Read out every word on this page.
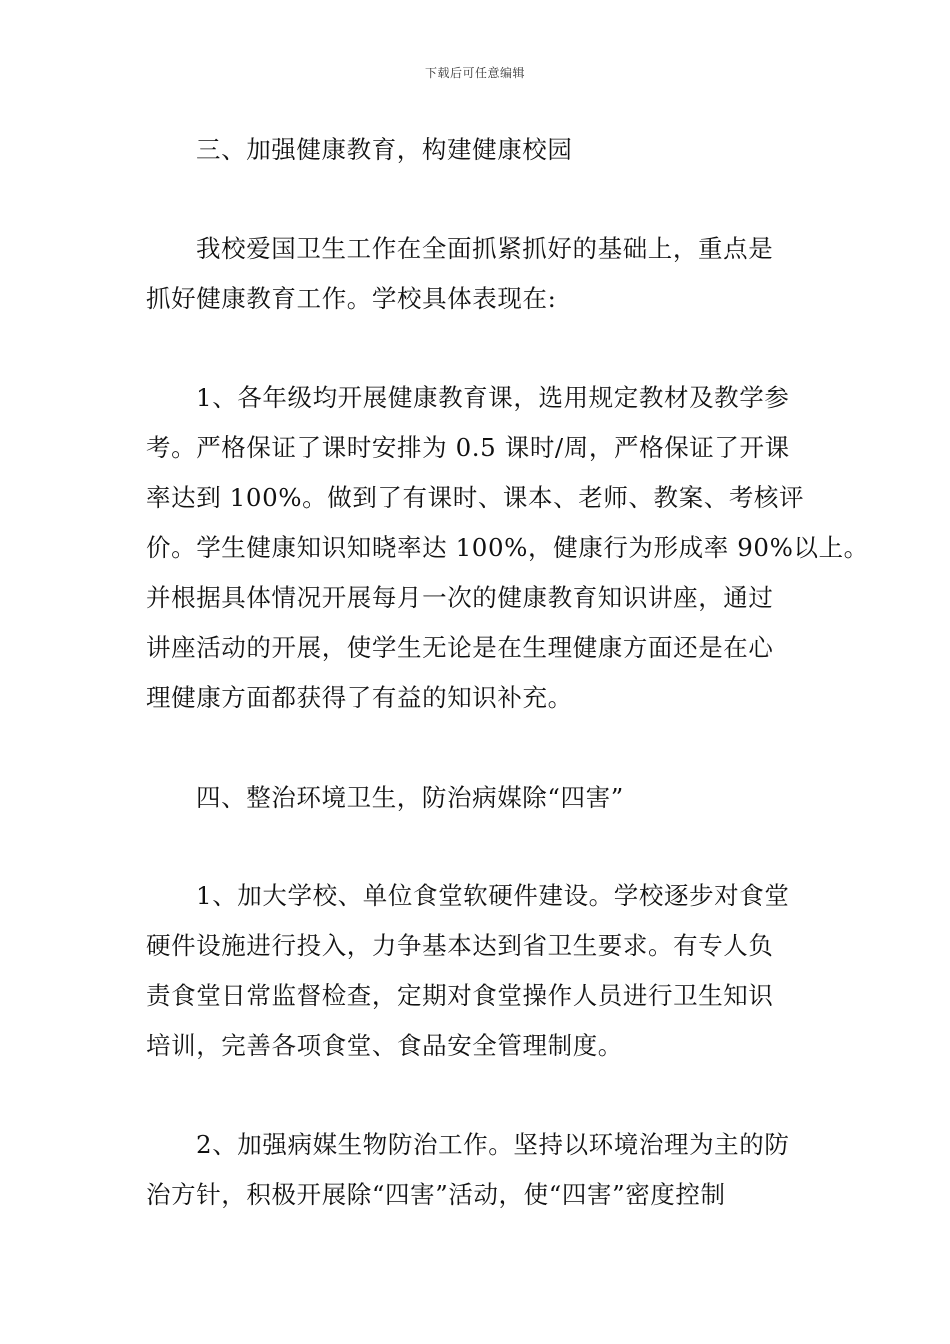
下载后可任意编辑
三、加强健康教育，构建健康校园
我校爱国卫生工作在全面抓紧抓好的基础上，重点是
抓好健康教育工作。学校具体表现在:
1、各年级均开展健康教育课，选用规定教材及教学参
考。严格保证了课时安排为 0.5 课时/周，严格保证了开课
率达到 100%。做到了有课时、课本、老师、教案、考核评
价。学生健康知识知晓率达 100%，健康行为形成率 90%以上。
并根据具体情况开展每月一次的健康教育知识讲座，通过
讲座活动的开展，使学生无论是在生理健康方面还是在心
理健康方面都获得了有益的知识补充。
四、整治环境卫生，防治病媒除“四害”
1、加大学校、单位食堂软硬件建设。学校逐步对食堂
硬件设施进行投入，力争基本达到省卫生要求。有专人负
责食堂日常监督检查，定期对食堂操作人员进行卫生知识
培训，完善各项食堂、食品安全管理制度。
2、加强病媒生物防治工作。坚持以环境治理为主的防
治方针，积极开展除“四害”活动，使“四害”密度控制
